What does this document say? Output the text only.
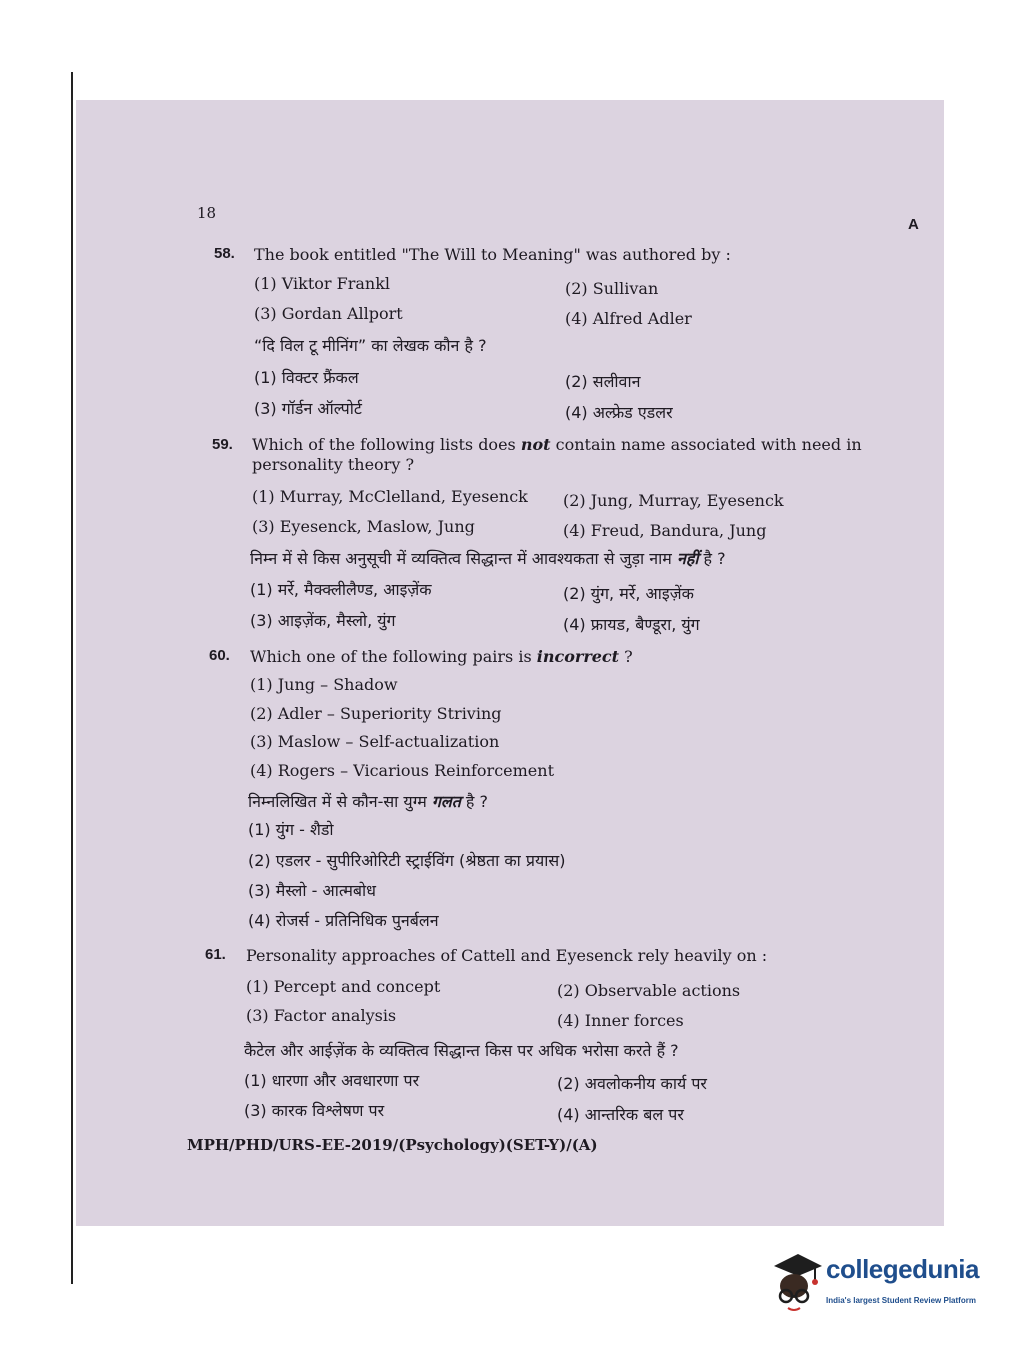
18
A
58. The book entitled "The Will to Meaning" was authored by :
(1) Viktor Frankl	(2) Sullivan
(3) Gordan Allport	(4) Alfred Adler
“दि विल टू मीनिंग” का लेखक कौन है ?
(1) विक्टर फ्रैंकल	(2) सलीवान
(3) गॉर्डन ऑल्पोर्ट	(4) अल्फ्रेड एडलर
59. Which of the following lists does not contain name associated with need in personality theory ?
(1) Murray, McClelland, Eyesenck (2) Jung, Murray, Eyesenck
(3) Eyesenck, Maslow, Jung	(4) Freud, Bandura, Jung
निम्न में से किस अनुसूची में व्यक्तित्व सिद्धान्त में आवश्यकता से जुड़ा नाम नहीं है ?
(1) मर्रे, मैक्क्लीलैण्ड, आइज़ेंक	(2) युंग, मर्रे, आइज़ेंक
(3) आइज़ेंक, मैस्लो, युंग	(4) फ्रायड, बैण्डूरा, युंग
60. Which one of the following pairs is incorrect ?
(1) Jung – Shadow
(2) Adler – Superiority Striving
(3) Maslow – Self-actualization
(4) Rogers – Vicarious Reinforcement
निम्नलिखित में से कौन-सा युग्म गलत है ?
(1) युंग - शैडो
(2) एडलर - सुपीरिओरिटी स्ट्राईविंग (श्रेष्ठता का प्रयास)
(3) मैस्लो - आत्मबोध
(4) रोजर्स - प्रतिनिधिक पुनर्बलन
61. Personality approaches of Cattell and Eyesenck rely heavily on :
(1) Percept and concept	(2) Observable actions
(3) Factor analysis	(4) Inner forces
कैटेल और आईज़ेंक के व्यक्तित्व सिद्धान्त किस पर अधिक भरोसा करते हैं ?
(1) धारणा और अवधारणा पर	(2) अवलोकनीय कार्य पर
(3) कारक विश्लेषण पर	(4) आन्तरिक बल पर
MPH/PHD/URS-EE-2019/(Psychology)(SET-Y)/(A)
collegedunia
India's largest Student Review Platform
